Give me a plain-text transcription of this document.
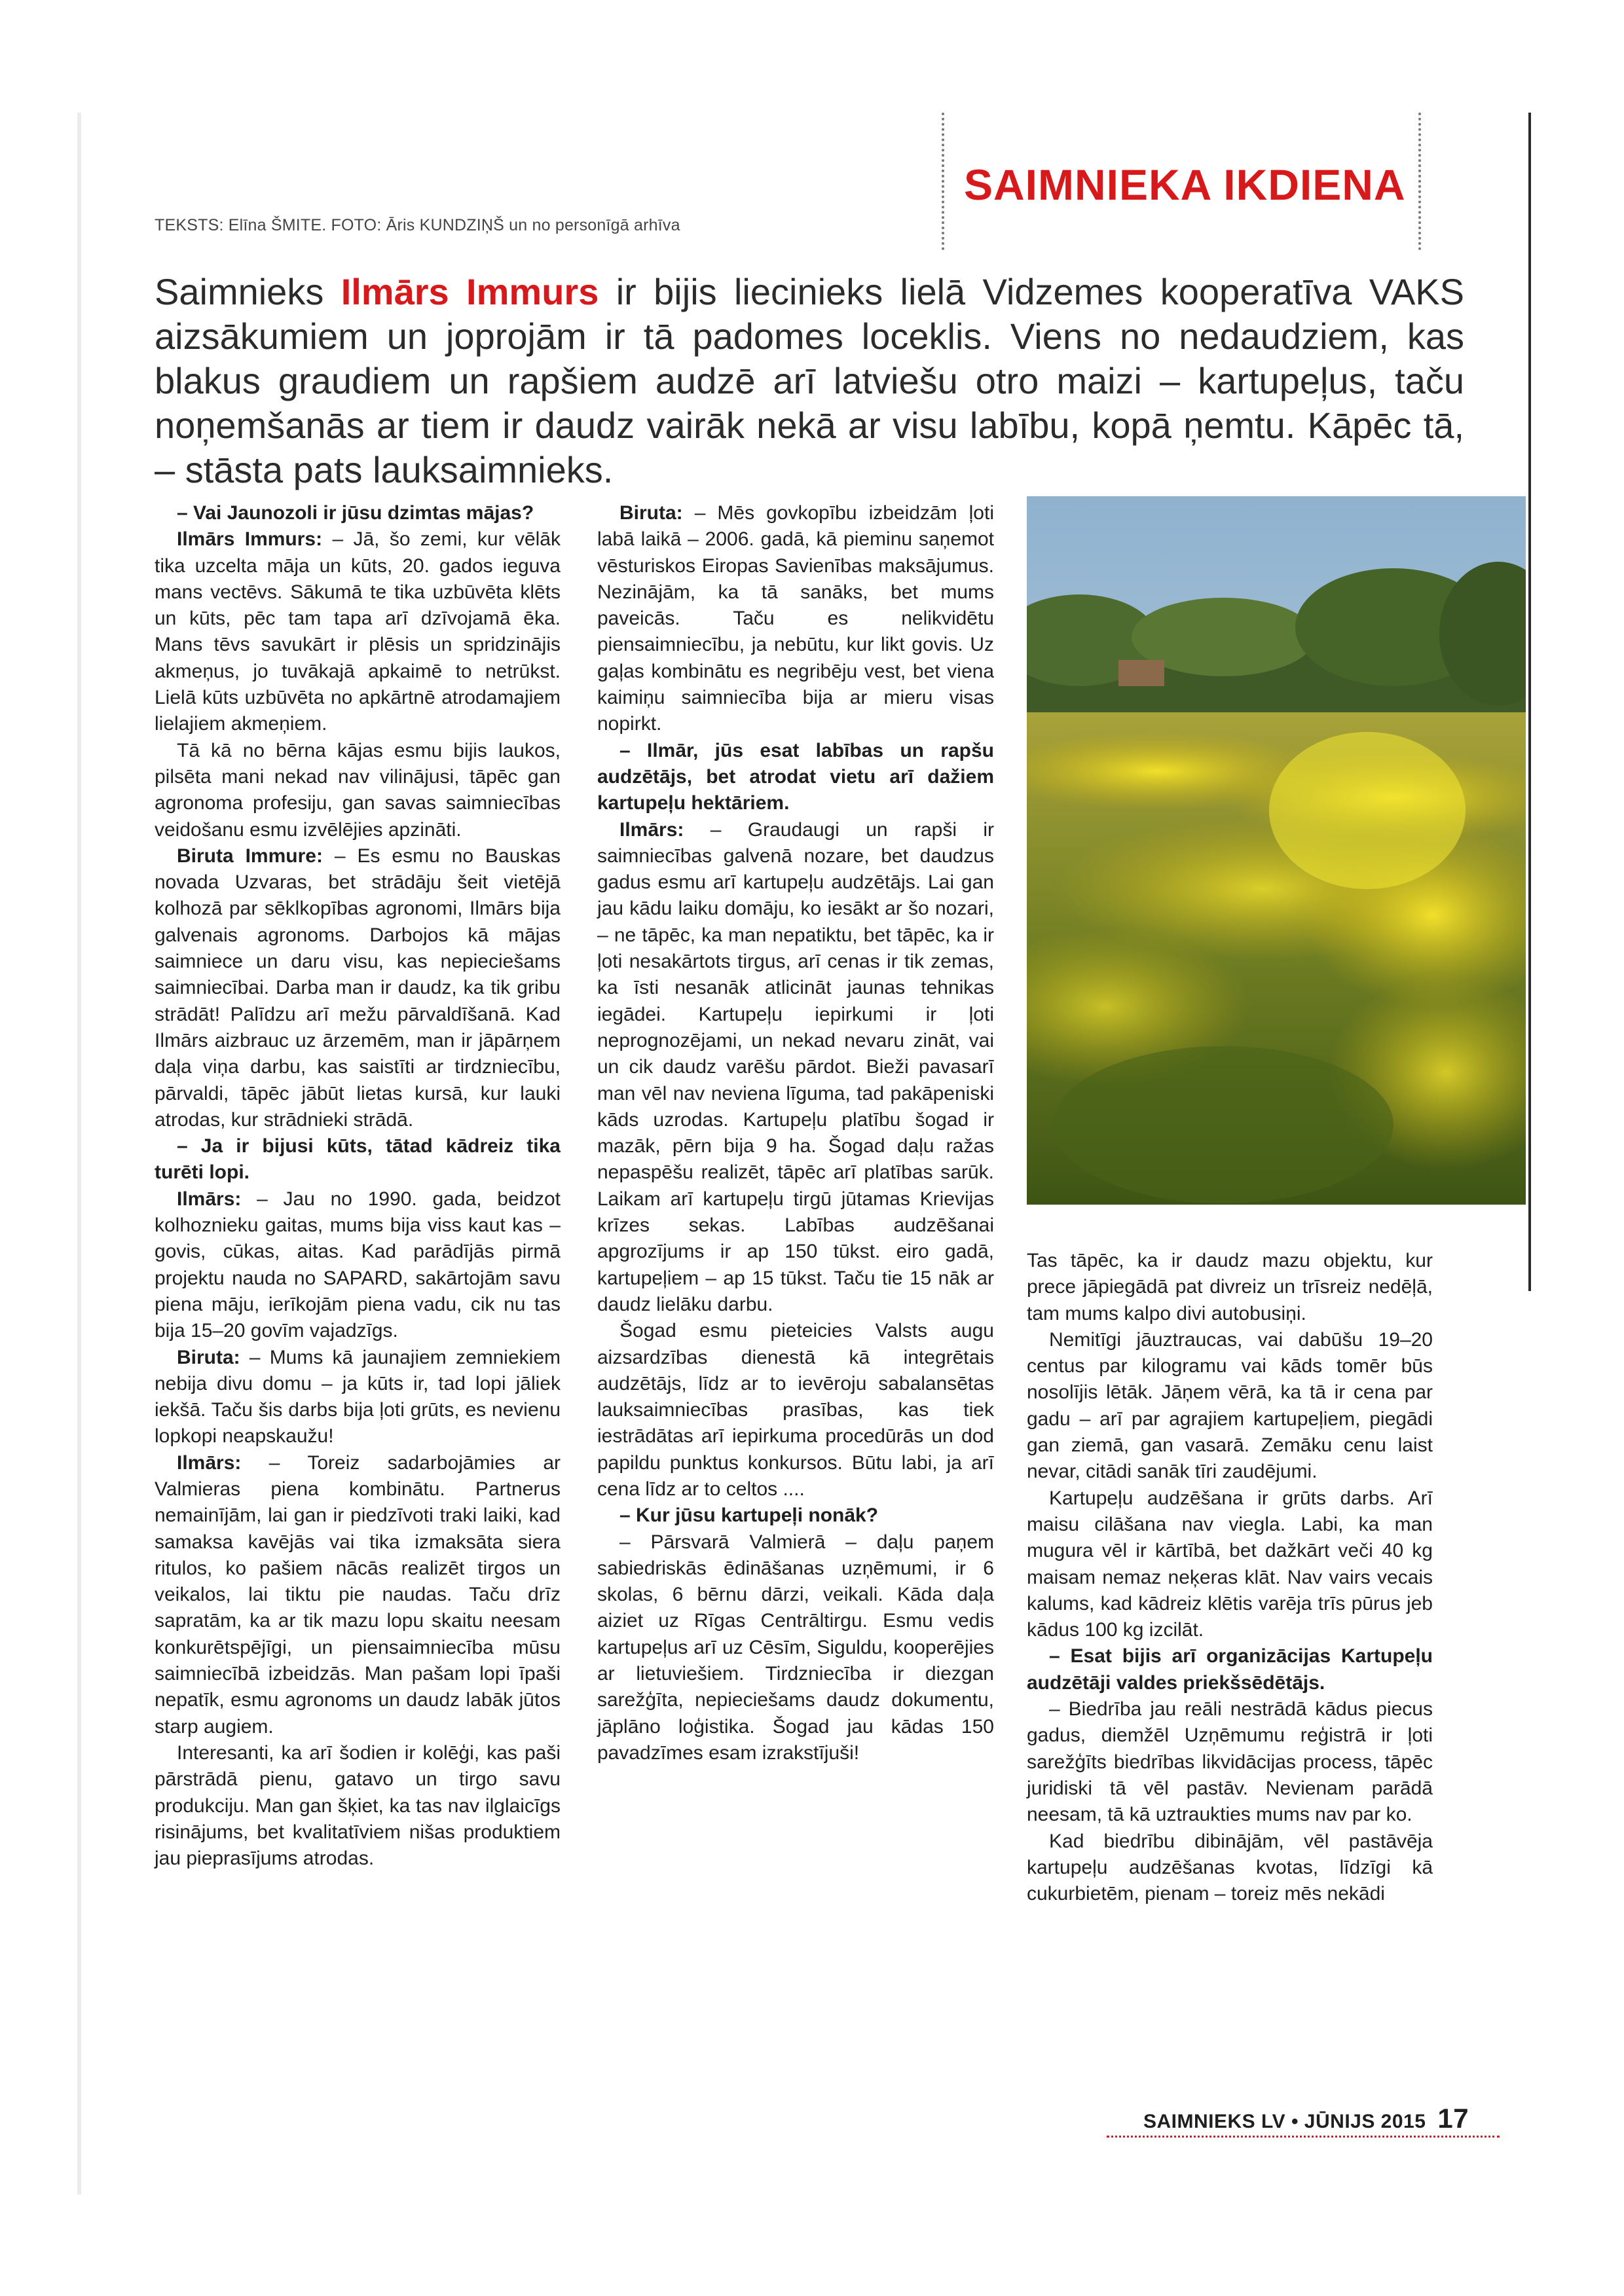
TEKSTS: Elīna ŠMITE. FOTO: Āris KUNDZIŅŠ un no personīgā arhīva
SAIMNIEKA IKDIENA
Saimnieks Ilmārs Immurs ir bijis liecinieks lielā Vidzemes kooperatīva VAKS aizsākumiem un joprojām ir tā padomes loceklis. Viens no nedaudziem, kas blakus graudiem un rapšiem audzē arī latviešu otro maizi – kartupeļus, taču noņemšanās ar tiem ir daudz vairāk nekā ar visu labību, kopā ņemtu. Kāpēc tā, – stāsta pats lauksaimnieks.

– Vai Jaunozoli ir jūsu dzimtas mājas?

Ilmārs Immurs: – Jā, šo zemi, kur vēlāk tika uzcelta māja un kūts, 20. gados ieguva mans vectēvs. Sākumā te tika uzbūvēta klēts un kūts, pēc tam tapa arī dzīvojamā ēka. Mans tēvs savukārt ir plēsis un spridzinājis akmeņus, jo tuvākajā apkaimē to netrūkst. Lielā kūts uzbūvēta no apkārtnē atrodamajiem lielajiem akmeņiem.

Tā kā no bērna kājas esmu bijis laukos, pilsēta mani nekad nav vilinājusi, tāpēc gan agronoma profesiju, gan savas saimniecības veidošanu esmu izvēlējies apzināti.

Biruta Immure: – Es esmu no Bauskas novada Uzvaras, bet strādāju šeit vietējā kolhozā par sēklkopības agronomi, Ilmārs bija galvenais agronoms. Darbojos kā mājas saimniece un daru visu, kas nepieciešams saimniecībai. Darba man ir daudz, ka tik gribu strādāt! Palīdzu arī mežu pārvaldīšanā. Kad Ilmārs aizbrauc uz ārzemēm, man ir jāpārņem daļa viņa darbu, kas saistīti ar tirdzniecību, pārvaldi, tāpēc jābūt lietas kursā, kur lauki atrodas, kur strādnieki strādā.

– Ja ir bijusi kūts, tātad kādreiz tika turēti lopi.

Ilmārs: – Jau no 1990. gada, beidzot kolhoznieku gaitas, mums bija viss kaut kas – govis, cūkas, aitas. Kad parādījās pirmā projektu nauda no SAPARD, sakārtojām savu piena māju, ierīkojām piena vadu, cik nu tas bija 15–20 govīm vajadzīgs.

Biruta: – Mums kā jaunajiem zemniekiem nebija divu domu – ja kūts ir, tad lopi jāliek iekšā. Taču šis darbs bija ļoti grūts, es nevienu lopkopi neapskaužu!

Ilmārs: – Toreiz sadarbojāmies ar Valmieras piena kombinātu. Partnerus nemainījām, lai gan ir piedzīvoti traki laiki, kad samaksa kavējās vai tika izmaksāta siera ritulos, ko pašiem nācās realizēt tirgos un veikalos, lai tiktu pie naudas. Taču drīz sapratām, ka ar tik mazu lopu skaitu neesam konkurētspējīgi, un piensaimniecība mūsu saimniecībā izbeidzās. Man pašam lopi īpaši nepatīk, esmu agronoms un daudz labāk jūtos starp augiem.

Interesanti, ka arī šodien ir kolēģi, kas paši pārstrādā pienu, gatavo un tirgo savu produkciju. Man gan šķiet, ka tas nav ilglaicīgs risinājums, bet kvalitatīviem nišas produktiem jau pieprasījums atrodas.

Biruta: – Mēs govkopību izbeidzām ļoti labā laikā – 2006. gadā, kā pieminu saņemot vēsturiskos Eiropas Savienības maksājumus. Nezinājām, ka tā sanāks, bet mums paveicās. Taču es nelikvidētu piensaimniecību, ja nebūtu, kur likt govis. Uz gaļas kombinātu es negribēju vest, bet viena kaimiņu saimniecība bija ar mieru visas nopirkt.

– Ilmār, jūs esat labības un rapšu audzētājs, bet atrodat vietu arī dažiem kartupeļu hektāriem.

Ilmārs: – Graudaugi un rapši ir saimniecības galvenā nozare, bet daudzus gadus esmu arī kartupeļu audzētājs. Lai gan jau kādu laiku domāju, ko iesākt ar šo nozari, – ne tāpēc, ka man nepatiktu, bet tāpēc, ka ir ļoti nesakārtots tirgus, arī cenas ir tik zemas, ka īsti nesanāk atlicināt jaunas tehnikas iegādei. Kartupeļu iepirkumi ir ļoti neprognozējami, un nekad nevaru zināt, vai un cik daudz varēšu pārdot. Bieži pavasarī man vēl nav neviena līguma, tad pakāpeniski kāds uzrodas. Kartupeļu platību šogad ir mazāk, pērn bija 9 ha. Šogad daļu ražas nepaspēšu realizēt, tāpēc arī platības sarūk. Laikam arī kartupeļu tirgū jūtamas Krievijas krīzes sekas. Labības audzēšanai apgrozījums ir ap 150 tūkst. eiro gadā, kartupeļiem – ap 15 tūkst. Taču tie 15 nāk ar daudz lielāku darbu.

Šogad esmu pieteicies Valsts augu aizsardzības dienestā kā integrētais audzētājs, līdz ar to ievēroju sabalansētas lauksaimniecības prasības, kas tiek iestrādātas arī iepirkuma procedūrās un dod papildu punktus konkursos. Būtu labi, ja arī cena līdz ar to celtos ....

– Kur jūsu kartupeļi nonāk?

– Pārsvarā Valmierā – daļu paņem sabiedriskās ēdināšanas uzņēmumi, ir 6 skolas, 6 bērnu dārzi, veikali. Kāda daļa aiziet uz Rīgas Centrāltirgu. Esmu vedis kartupeļus arī uz Cēsīm, Siguldu, kooperējies ar lietuviešiem. Tirdzniecība ir diezgan sarežģīta, nepieciešams daudz dokumentu, jāplāno loģistika. Šogad jau kādas 150 pavadzīmes esam izrakstījuši!

Tas tāpēc, ka ir daudz mazu objektu, kur prece jāpiegādā pat divreiz un trīsreiz nedēļā, tam mums kalpo divi autobusiņi.

Nemitīgi jāuztraucas, vai dabūšu 19–20 centus par kilogramu vai kāds tomēr būs nosolījis lētāk. Jāņem vērā, ka tā ir cena par gadu – arī par agrajiem kartupeļiem, piegādi gan ziemā, gan vasarā. Zemāku cenu laist nevar, citādi sanāk tīri zaudējumi.

Kartupeļu audzēšana ir grūts darbs. Arī maisu cilāšana nav viegla. Labi, ka man mugura vēl ir kārtībā, bet dažkārt veči 40 kg maisam nemaz neķeras klāt. Nav vairs vecais kalums, kad kādreiz klētis varēja trīs pūrus jeb kādus 100 kg izcilāt.

– Esat bijis arī organizācijas Kartupeļu audzētāji valdes priekšsēdētājs.

– Biedrība jau reāli nestrādā kādus piecus gadus, diemžēl Uzņēmumu reģistrā ir ļoti sarežģīts biedrības likvidācijas process, tāpēc juridiski tā vēl pastāv. Nevienam parādā neesam, tā kā uztraukties mums nav par ko.

Kad biedrību dibinājām, vēl pastāvēja kartupeļu audzēšanas kvotas, līdzīgi kā cukurbietēm, pienam – toreiz mēs nekādi

SAIMNIEKS LV • JŪNIJS 2015 17
